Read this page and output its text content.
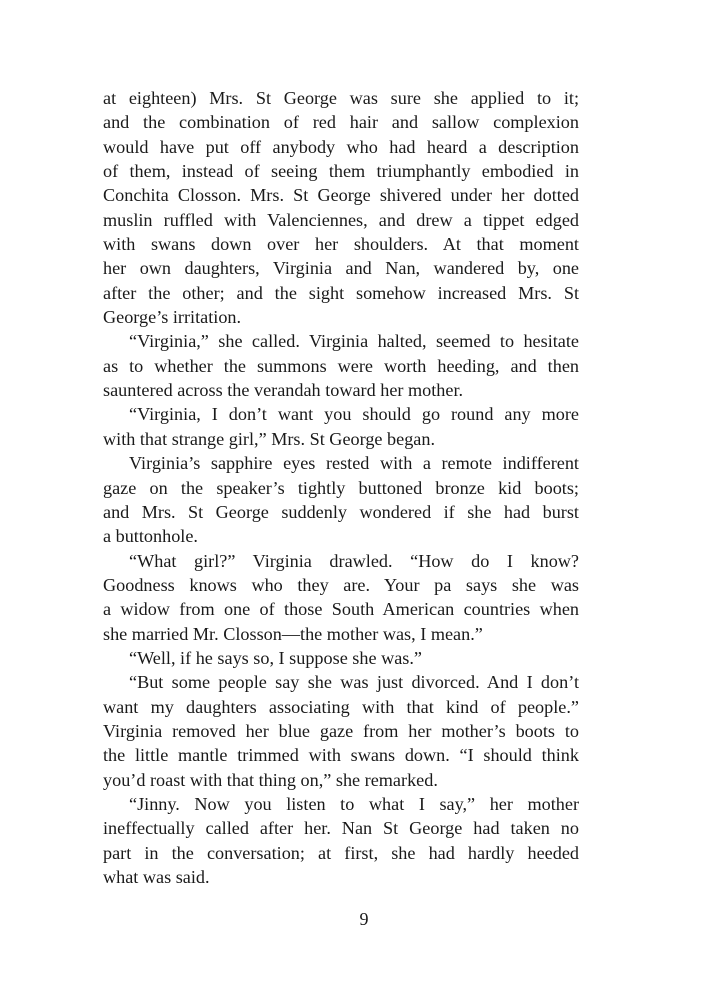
at eighteen) Mrs. St George was sure she applied to it;
and the combination of red hair and sallow complexion
would have put off anybody who had heard a description
of them, instead of seeing them triumphantly embodied in
Conchita Closson. Mrs. St George shivered under her dotted
muslin ruffled with Valenciennes, and drew a tippet edged
with swans down over her shoulders. At that moment
her own daughters, Virginia and Nan, wandered by, one
after the other; and the sight somehow increased Mrs. St
George’s irritation.
“Virginia,” she called. Virginia halted, seemed to hesitate
as to whether the summons were worth heeding, and then
sauntered across the verandah toward her mother.
“Virginia, I don’t want you should go round any more
with that strange girl,” Mrs. St George began.
Virginia’s sapphire eyes rested with a remote indifferent
gaze on the speaker’s tightly buttoned bronze kid boots;
and Mrs. St George suddenly wondered if she had burst
a buttonhole.
“What girl?” Virginia drawled. “How do I know?
Goodness knows who they are. Your pa says she was
a widow from one of those South American countries when
she married Mr. Closson—the mother was, I mean.”
“Well, if he says so, I suppose she was.”
“But some people say she was just divorced. And I don’t
want my daughters associating with that kind of people.”
Virginia removed her blue gaze from her mother’s boots to
the little mantle trimmed with swans down. “I should think
you’d roast with that thing on,” she remarked.
“Jinny. Now you listen to what I say,” her mother
ineffectually called after her. Nan St George had taken no
part in the conversation; at first, she had hardly heeded
what was said.
9
